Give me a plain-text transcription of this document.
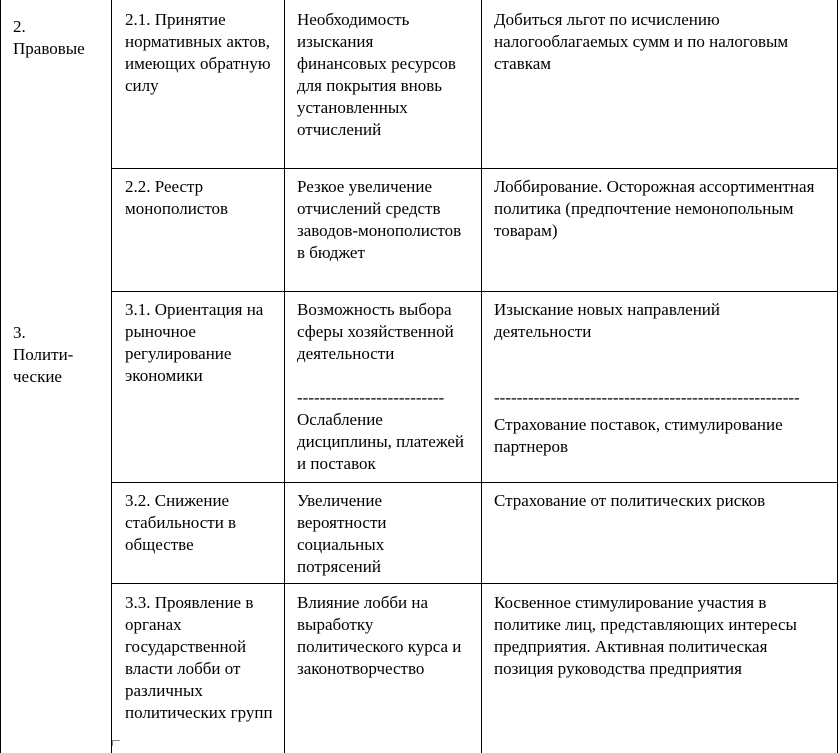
2.
Правовые
3.
Полити-
ческие
2.1. Принятие нормативных актов, имеющих обратную силу
Необходимость изыскания финансовых ресурсов для покрытия вновь установленных отчислений
Добиться льгот по исчислению налогооблагаемых сумм и по налоговым ставкам
2.2. Реестр монополистов
Резкое увеличение отчислений средств заводов-монополистов в бюджет
Лоббирование. Осторожная ассортиментная политика (предпочтение немонопольным товарам)
3.1. Ориентация на рыночное регулирование экономики
Возможность выбора сферы хозяйственной деятельности
--------------------------
Ослабление дисциплины, платежей и поставок
Изыскание новых направлений деятельности
------------------------------------------------------
Страхование поставок, стимулирование партнеров
3.2. Снижение стабильности в обществе
Увеличение вероятности социальных потрясений
Страхование от политических рисков
3.3. Проявление в органах государственной власти лобби от различных политических групп
Влияние лобби на выработку политического курса и законотворчество
Косвенное стимулирование участия в политике лиц, представляющих интересы предприятия. Активная политическая позиция руководства предприятия
